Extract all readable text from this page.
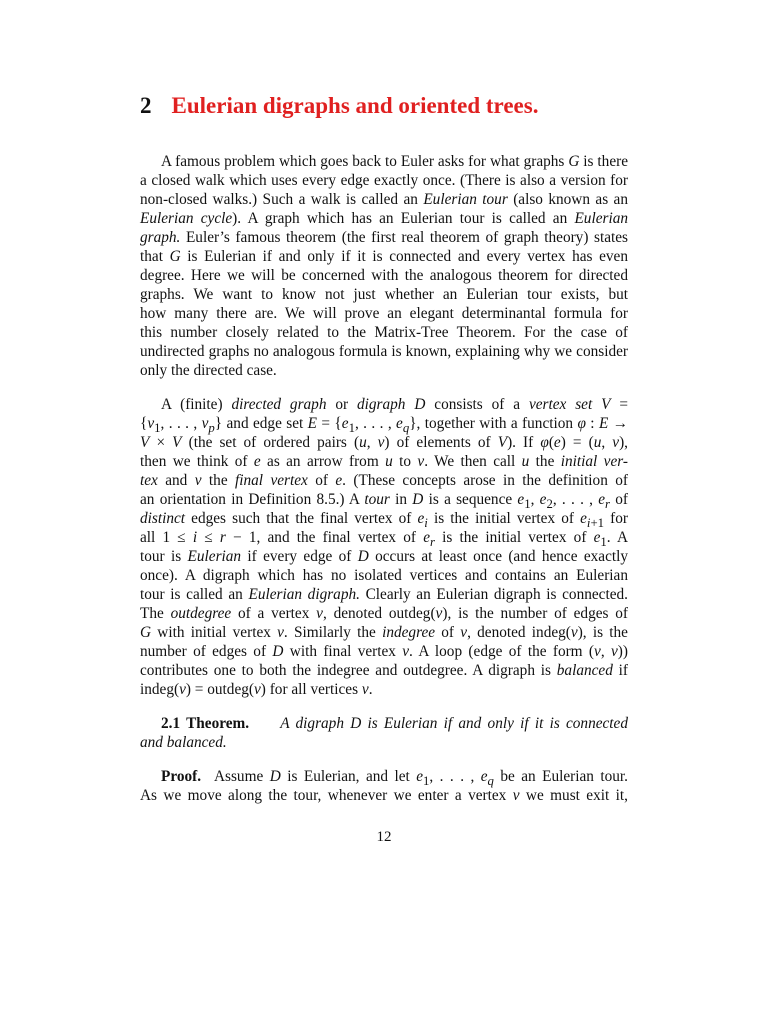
2 Eulerian digraphs and oriented trees.

A famous problem which goes back to Euler asks for what graphs G is there

a closed walk which uses every edge exactly once. (There is also a version for

non-closed walks.) Such a walk is called an Eulerian tour (also known as an

Eulerian cycle). A graph which has an Eulerian tour is called an Eulerian

graph. Euler’s famous theorem (the first real theorem of graph theory) states

that G is Eulerian if and only if it is connected and every vertex has even

degree. Here we will be concerned with the analogous theorem for directed

graphs. We want to know not just whether an Eulerian tour exists, but

how many there are. We will prove an elegant determinantal formula for

this number closely related to the Matrix-Tree Theorem. For the case of

undirected graphs no analogous formula is known, explaining why we consider

only the directed case.

A (finite) directed graph or digraph D consists of a vertex set V =

{$v_1$, . . . , $v_p$} and edge set $E = \{e_1$, . . . , $e_q$}, together with a function φ : E →

V × V (the set of ordered pairs (u, v) of elements of V). If φ(e) = (u, v),

then we think of e as an arrow from u to v. We then call u the initial ver-

tex and v the final vertex of e. (These concepts arose in the definition of

an orientation in Definition 8.5.) A tour in D is a sequence $e_1$, $e_2$, . . . , $e_r$ of

distinct edges such that the final vertex of $e_i$ is the initial vertex of $e_{i+1}$ for

all 1 ≤ i ≤ r − 1, and the final vertex of $e_r$ is the initial vertex of $e_1$. A

tour is Eulerian if every edge of D occurs at least once (and hence exactly

once). A digraph which has no isolated vertices and contains an Eulerian

tour is called an Eulerian digraph. Clearly an Eulerian digraph is connected.

The outdegree of a vertex v, denoted outdeg(v), is the number of edges of

G with initial vertex v. Similarly the indegree of v, denoted indeg(v), is the

number of edges of D with final vertex v. A loop (edge of the form (v, v))

contributes one to both the indegree and outdegree. A digraph is balanced if

indeg(v) = outdeg(v) for all vertices v.

2.1 Theorem. A digraph D is Eulerian if and only if it is connected

and balanced.

Proof.  Assume D is Eulerian, and let $e_1$, . . . , $e_q$ be an Eulerian tour.

As we move along the tour, whenever we enter a vertex v we must exit it,

12
